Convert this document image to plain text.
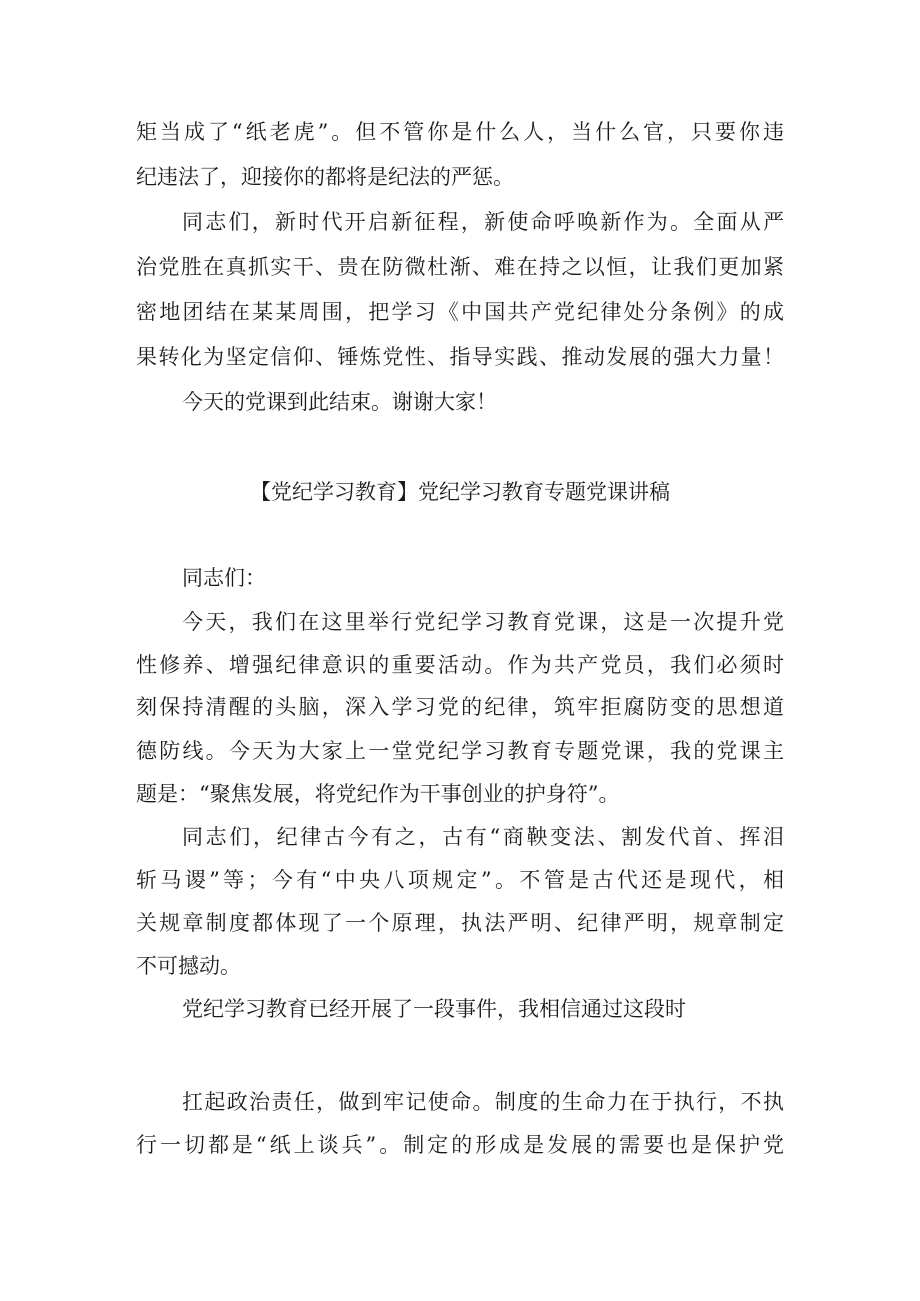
矩当成了“纸老虎”。但不管你是什么人，当什么官，只要你违
纪违法了，迎接你的都将是纪法的严惩。
同志们，新时代开启新征程，新使命呼唤新作为。全面从严
治党胜在真抓实干、贵在防微杜渐、难在持之以恒，让我们更加紧
密地团结在某某周围，把学习《中国共产党纪律处分条例》的成
果转化为坚定信仰、锤炼党性、指导实践、推动发展的强大力量！
今天的党课到此结束。谢谢大家！
【党纪学习教育】党纪学习教育专题党课讲稿
同志们：
今天，我们在这里举行党纪学习教育党课，这是一次提升党
性修养、增强纪律意识的重要活动。作为共产党员，我们必须时
刻保持清醒的头脑，深入学习党的纪律，筑牢拒腐防变的思想道
德防线。今天为大家上一堂党纪学习教育专题党课，我的党课主
题是：“聚焦发展，将党纪作为干事创业的护身符”。
同志们，纪律古今有之，古有“商鞅变法、割发代首、挥泪
斩马谡”等；今有“中央八项规定”。不管是古代还是现代，相
关规章制度都体现了一个原理，执法严明、纪律严明，规章制定
不可撼动。
党纪学习教育已经开展了一段事件，我相信通过这段时
扛起政治责任，做到牢记使命。制度的生命力在于执行，不执
行一切都是“纸上谈兵”。制定的形成是发展的需要也是保护党
